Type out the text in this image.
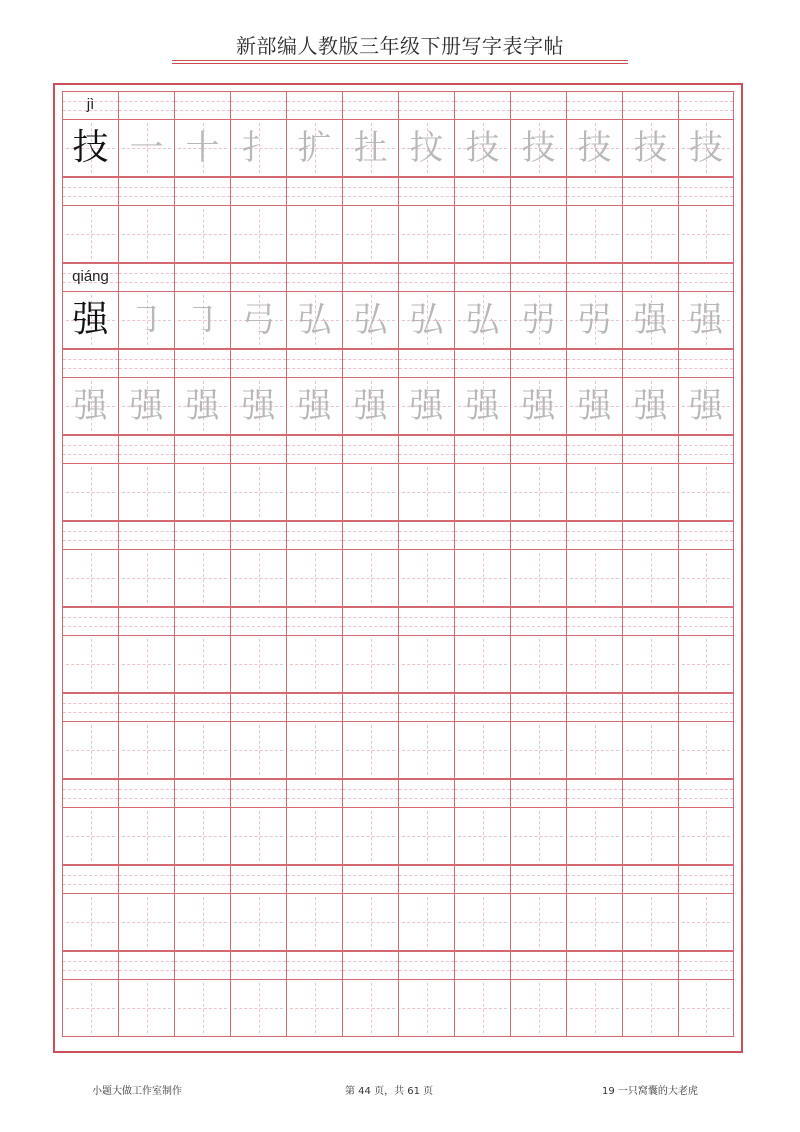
新部编人教版三年级下册写字表字帖
jì
技 一 十 扌 扩 扗 抆 技 技 技 技 技
qiáng
强 ㇆ ㇆ 弓 弘 弘 弘 弘 弜 弜 强 强
强 强 强 强 强 强 强 强 强 强 强 强
小题大做工作室制作	第 44 页，共 61 页	19 一只窝囊的大老虎
